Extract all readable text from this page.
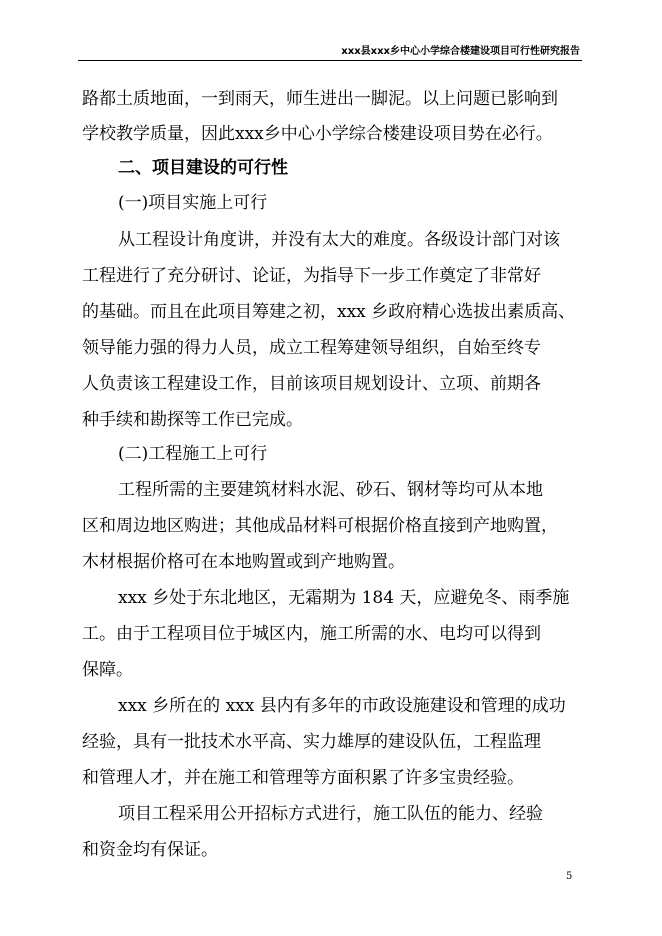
xxx县xxx乡中心小学综合楼建设项目可行性研究报告
路都土质地面，一到雨天，师生进出一脚泥。以上问题已影响到
学校教学质量，因此xxx乡中心小学综合楼建设项目势在必行。
二、项目建设的可行性
(一)项目实施上可行
从工程设计角度讲，并没有太大的难度。各级设计部门对该
工程进行了充分研讨、论证，为指导下一步工作奠定了非常好
的基础。而且在此项目筹建之初，xxx 乡政府精心选拔出素质高、
领导能力强的得力人员，成立工程筹建领导组织，自始至终专
人负责该工程建设工作，目前该项目规划设计、立项、前期各
种手续和勘探等工作已完成。
(二)工程施工上可行
工程所需的主要建筑材料水泥、砂石、钢材等均可从本地
区和周边地区购进；其他成品材料可根据价格直接到产地购置，
木材根据价格可在本地购置或到产地购置。
xxx 乡处于东北地区，无霜期为 184 天，应避免冬、雨季施
工。由于工程项目位于城区内，施工所需的水、电均可以得到
保障。
xxx 乡所在的 xxx 县内有多年的市政设施建设和管理的成功
经验，具有一批技术水平高、实力雄厚的建设队伍，工程监理
和管理人才，并在施工和管理等方面积累了许多宝贵经验。
项目工程采用公开招标方式进行，施工队伍的能力、经验
和资金均有保证。
5
